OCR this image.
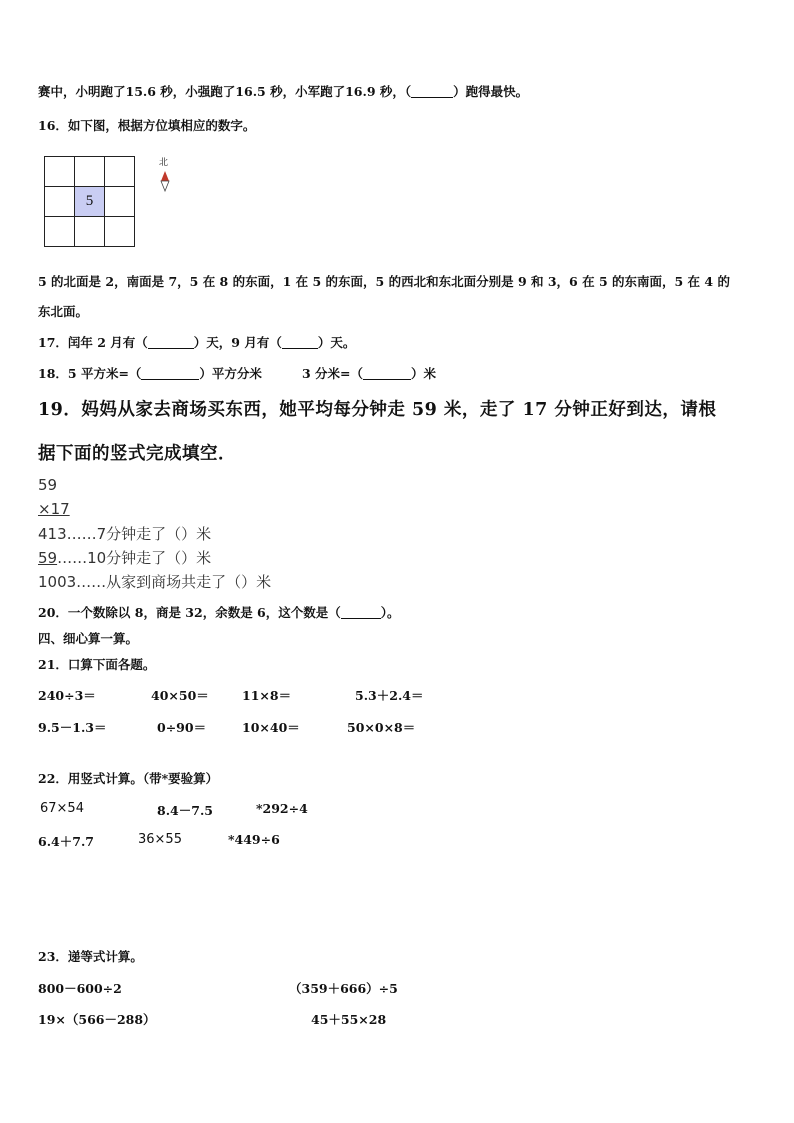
赛中，小明跑了15.6 秒，小强跑了16.5 秒，小军跑了16.9 秒，（	）跑得最快。
16．如下图，根据方位填相应的数字。

	5	

北
5 的北面是 2，南面是 7，5 在 8 的东面，1 在 5 的东面，5 的西北和东北面分别是 9 和 3，6 在 5 的东南面，5 在 4 的
东北面。
17．闰年 2 月有（	）天，9 月有（	）天。
18．5 平方米=（	）平方分米	3 分米=（	）米
19．妈妈从家去商场买东西，她平均每分钟走 59 米，走了 17 分钟正好到达，请根
据下面的竖式完成填空．
59
×17
413……7分钟走了（）米
59……10分钟走了（）米
1003……从家到商场共走了（）米
20．一个数除以 8，商是 32，余数是 6，这个数是（	）。
四、细心算一算。
21．口算下面各题。
240÷3＝	40×50＝	11×8＝	5.3＋2.4＝
9.5－1.3＝	0÷90＝	10×40＝	50×0×8＝
22．用竖式计算。（带*要验算）
67×54	8.4－7.5	*292÷4
6.4＋7.7	36×55	*449÷6
23．递等式计算。
800－600÷2	（359＋666）÷5
19×（566－288）	45＋55×28
